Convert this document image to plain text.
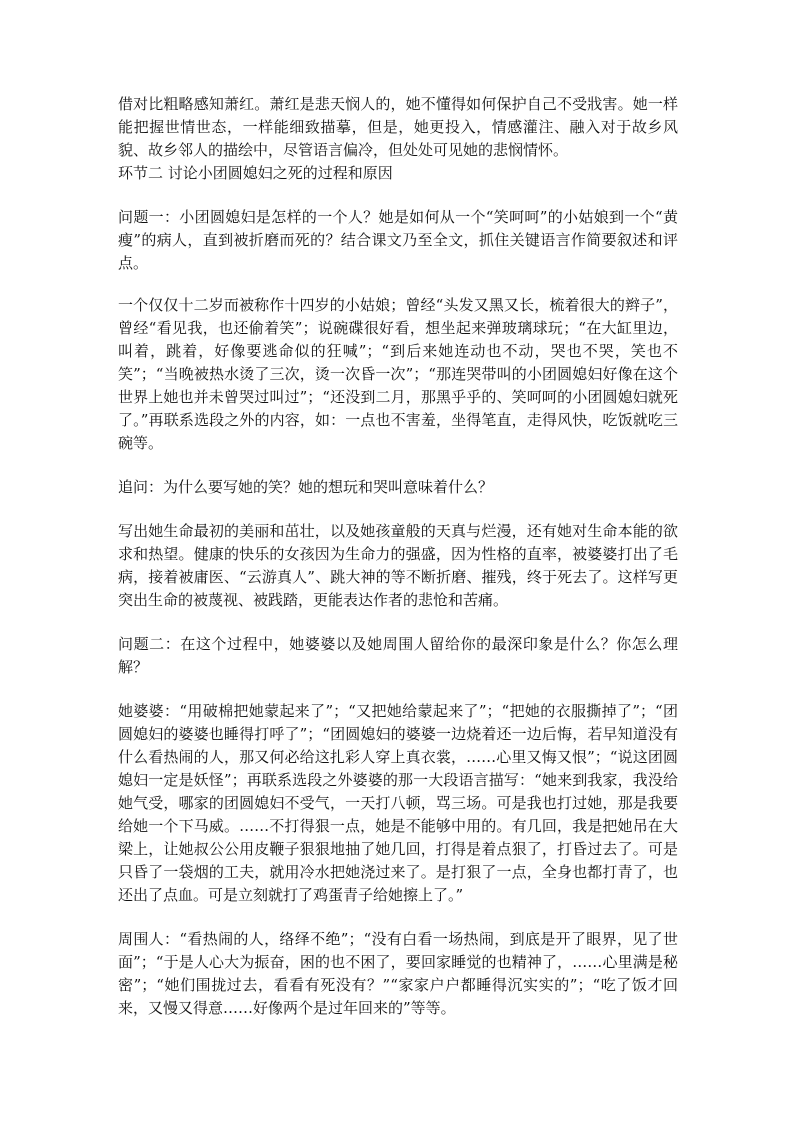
借对比粗略感知萧红。萧红是悲天悯人的，她不懂得如何保护自己不受戕害。她一样能把握世情世态，一样能细致描摹，但是，她更投入，情感灌注、融入对于故乡风貌、故乡邻人的描绘中，尽管语言偏冷，但处处可见她的悲悯情怀。

环节二 讨论小团圆媳妇之死的过程和原因

问题一：小团圆媳妇是怎样的一个人？她是如何从一个“笑呵呵”的小姑娘到一个“黄瘦”的病人，直到被折磨而死的？结合课文乃至全文，抓住关键语言作简要叙述和评点。

一个仅仅十二岁而被称作十四岁的小姑娘；曾经“头发又黑又长，梳着很大的辫子”，曾经“看见我，也还偷着笑”；说碗碟很好看，想坐起来弹玻璃球玩；“在大缸里边，叫着，跳着，好像要逃命似的狂喊”；“到后来她连动也不动，哭也不哭，笑也不笑”；“当晚被热水烫了三次，烫一次昏一次”；“那连哭带叫的小团圆媳妇好像在这个世界上她也并未曾哭过叫过”；“还没到二月，那黑乎乎的、笑呵呵的小团圆媳妇就死了。”再联系选段之外的内容，如：一点也不害羞，坐得笔直，走得风快，吃饭就吃三碗等。

追问：为什么要写她的笑？她的想玩和哭叫意味着什么？

写出她生命最初的美丽和茁壮，以及她孩童般的天真与烂漫，还有她对生命本能的欲求和热望。健康的快乐的女孩因为生命力的强盛，因为性格的直率，被婆婆打出了毛病，接着被庸医、“云游真人”、跳大神的等不断折磨、摧残，终于死去了。这样写更突出生命的被蔑视、被践踏，更能表达作者的悲怆和苦痛。

问题二：在这个过程中，她婆婆以及她周围人留给你的最深印象是什么？你怎么理解？

她婆婆：“用破棉把她蒙起来了”；“又把她给蒙起来了”；“把她的衣服撕掉了”；“团圆媳妇的婆婆也睡得打呼了”；“团圆媳妇的婆婆一边烧着还一边后悔，若早知道没有什么看热闹的人，那又何必给这扎彩人穿上真衣裳，……心里又悔又恨”；“说这团圆媳妇一定是妖怪”；再联系选段之外婆婆的那一大段语言描写：“她来到我家，我没给她气受，哪家的团圆媳妇不受气，一天打八顿，骂三场。可是我也打过她，那是我要给她一个下马威。……不打得狠一点，她是不能够中用的。有几回，我是把她吊在大梁上，让她叔公公用皮鞭子狠狠地抽了她几回，打得是着点狠了，打昏过去了。可是只昏了一袋烟的工夫，就用冷水把她浇过来了。是打狠了一点，全身也都打青了，也还出了点血。可是立刻就打了鸡蛋青子给她擦上了。”

周围人：“看热闹的人，络绎不绝”；“没有白看一场热闹，到底是开了眼界，见了世面”；“于是人心大为振奋，困的也不困了，要回家睡觉的也精神了，……心里满是秘密”；“她们围拢过去，看看有死没有？”“家家户户都睡得沉实实的”；“吃了饭才回来，又慢又得意……好像两个是过年回来的”等等。
